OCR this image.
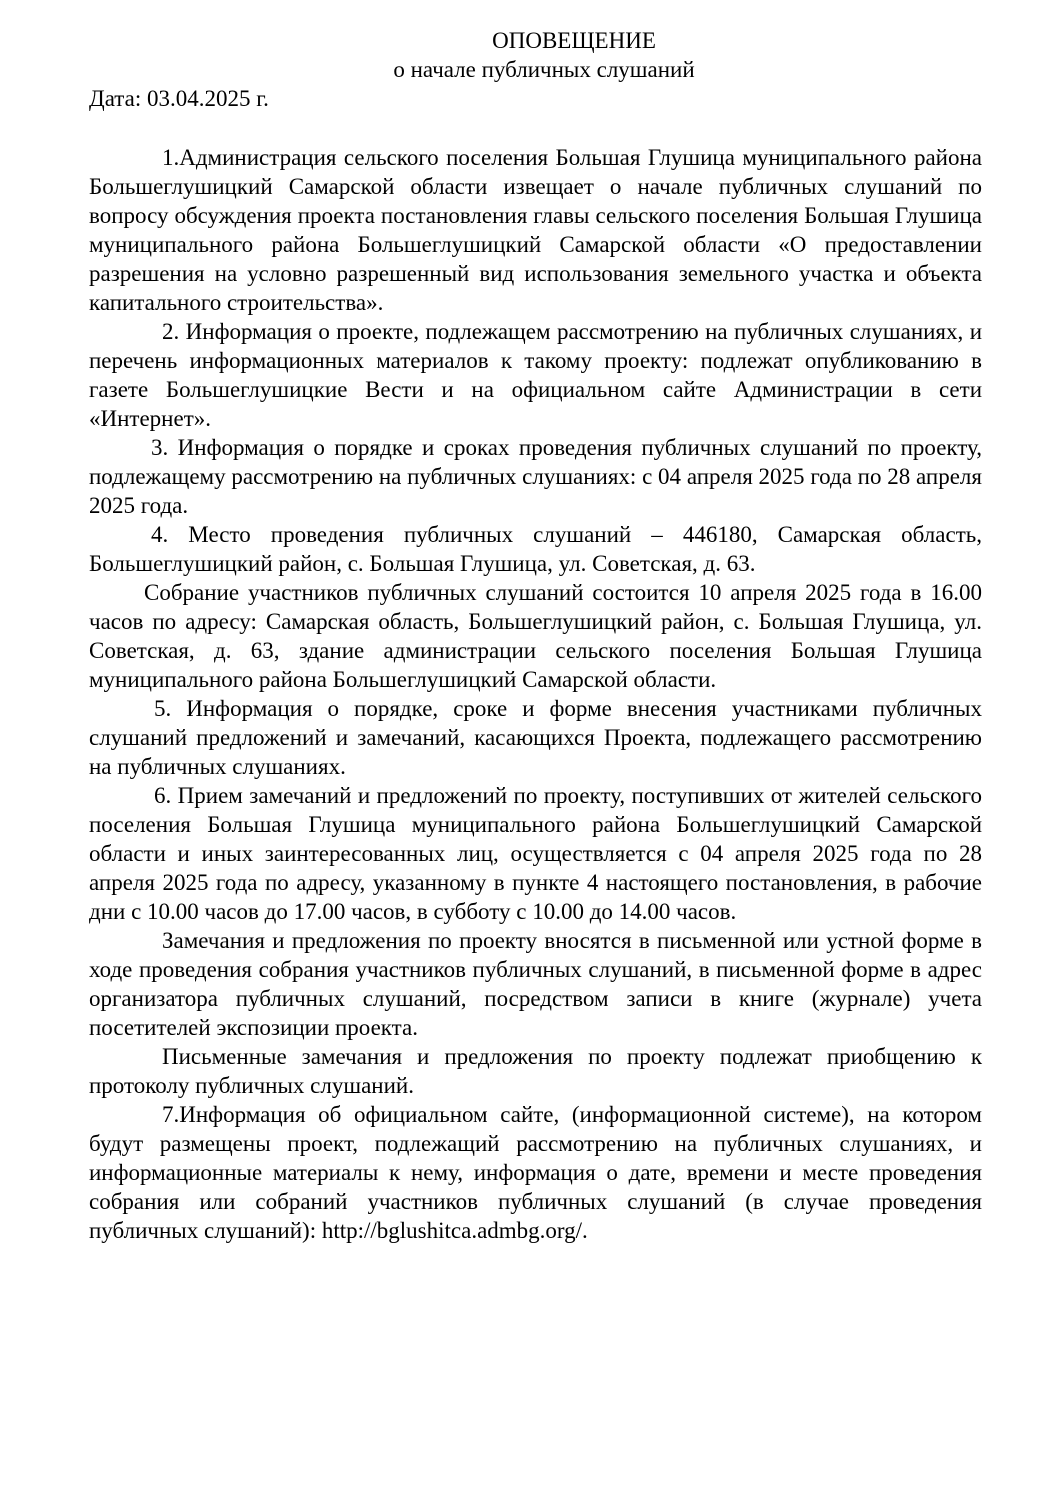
ОПОВЕЩЕНИЕ

о начале публичных слушаний

Дата: 03.04.2025 г.

1.Администрация сельского поселения Большая Глушица муниципального района Большеглушицкий Самарской области извещает о начале публичных слушаний по вопросу обсуждения проекта постановления главы сельского поселения Большая Глушица муниципального района Большеглушицкий Самарской области «О предоставлении разрешения на условно разрешенный вид использования земельного участка и объекта капитального строительства».

2. Информация о проекте, подлежащем рассмотрению на публичных слушаниях, и перечень информационных материалов к такому проекту: подлежат опубликованию в газете Большеглушицкие Вести и на официальном сайте Администрации в сети «Интернет».

3. Информация о порядке и сроках проведения публичных слушаний по проекту, подлежащему рассмотрению на публичных слушаниях: с 04 апреля 2025 года по 28 апреля 2025 года.

4. Место проведения публичных слушаний – 446180, Самарская область, Большеглушицкий район, с. Большая Глушица, ул. Советская, д. 63.

Собрание участников публичных слушаний состоится 10 апреля 2025 года в 16.00 часов по адресу: Самарская область, Большеглушицкий район, с. Большая Глушица, ул. Советская, д. 63, здание администрации сельского поселения Большая Глушица муниципального района Большеглушицкий Самарской области.

5. Информация о порядке, сроке и форме внесения участниками публичных слушаний предложений и замечаний, касающихся Проекта, подлежащего рассмотрению на публичных слушаниях.

6. Прием замечаний и предложений по проекту, поступивших от жителей сельского поселения Большая Глушица муниципального района Большеглушицкий Самарской области и иных заинтересованных лиц, осуществляется с 04 апреля 2025 года по 28 апреля 2025 года по адресу, указанному в пункте 4 настоящего постановления, в рабочие дни с 10.00 часов до 17.00 часов, в субботу с 10.00 до 14.00 часов.

Замечания и предложения по проекту вносятся в письменной или устной форме в ходе проведения собрания участников публичных слушаний, в письменной форме в адрес организатора публичных слушаний, посредством записи в книге (журнале) учета посетителей экспозиции проекта.

Письменные замечания и предложения по проекту подлежат приобщению к протоколу публичных слушаний.

7.Информация об официальном сайте, (информационной системе), на котором будут размещены проект, подлежащий рассмотрению на публичных слушаниях, и информационные материалы к нему, информация о дате, времени и месте проведения собрания или собраний участников публичных слушаний (в случае проведения публичных слушаний): http://bglushitca.admbg.org/.
